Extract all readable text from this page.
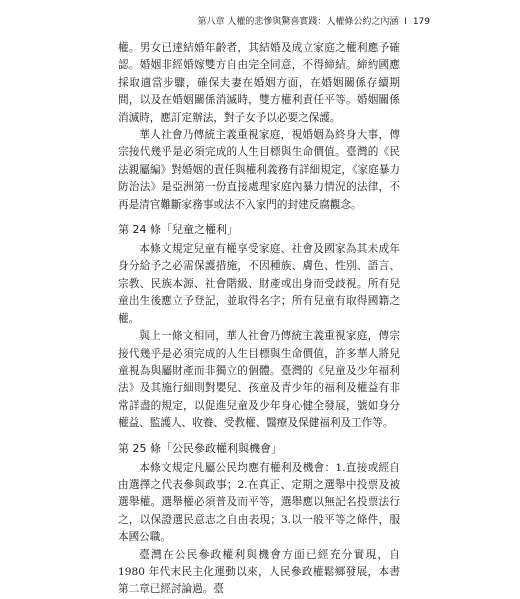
第八章 人權的悲慘與驚喜實踐：人權條公約之內涵 I 179

權。男女已達結婚年齡者，其結婚及成立家庭之權利應予確認。婚姻非經婚嫁雙方自由完全同意，不得締結。締約國應採取適當步驟，確保夫妻在婚姻方面，在婚姻關係存續期間，以及在婚姻關係消滅時，雙方權利責任平等。婚姻關係消滅時，應訂定辦法，對子女予以必要之保護。

華人社會乃傳統主義重視家庭，視婚姻為終身大事，傳宗接代幾乎是必須完成的人生目標與生命價值。臺灣的《民法親屬編》對婚姻的責任與權利義務有詳細規定，《家庭暴力防治法》是亞洲第一份直接處理家庭內暴力情況的法律，不再是清官難斷家務事或法不入家門的封建反腐觀念。

第 24 條「兒童之權利」

本條文規定兒童有權享受家庭、社會及國家為其未成年身分給予之必需保護措施，不因種族、膚色、性別、語言、宗教、民族本源、社會階級、財產或出身而受歧視。所有兒童出生後應立予登記，並取得名字；所有兒童有取得國籍之權。

與上一條文相同，華人社會乃傳統主義重視家庭，傳宗接代幾乎是必須完成的人生目標與生命價值，許多華人將兒童視為與屬財產而非獨立的個體。臺灣的《兒童及少年福利法》及其施行細則對嬰兒、孩童及青少年的福利及權益有非常詳盡的規定，以促進兒童及少年身心健全發展，號如身分權益、監護人、收養、受教權、醫療及保健福利及工作等。

第 25 條「公民參政權利與機會」

本條文規定凡屬公民均應有權利及機會：1.直接或經自由選擇之代表參與政事；2.在真正、定期之選舉中投票及被選舉權。選舉權必須普及而平等，選舉應以無記名投票法行之，以保證選民意志之自由表現；3.以一般平等之條件，服本國公職。

臺灣在公民參政權利與機會方面已經充分實現，自 1980 年代末民主化運動以來，人民參政權鬆鄉發展，本書第二章已經討論過。臺
